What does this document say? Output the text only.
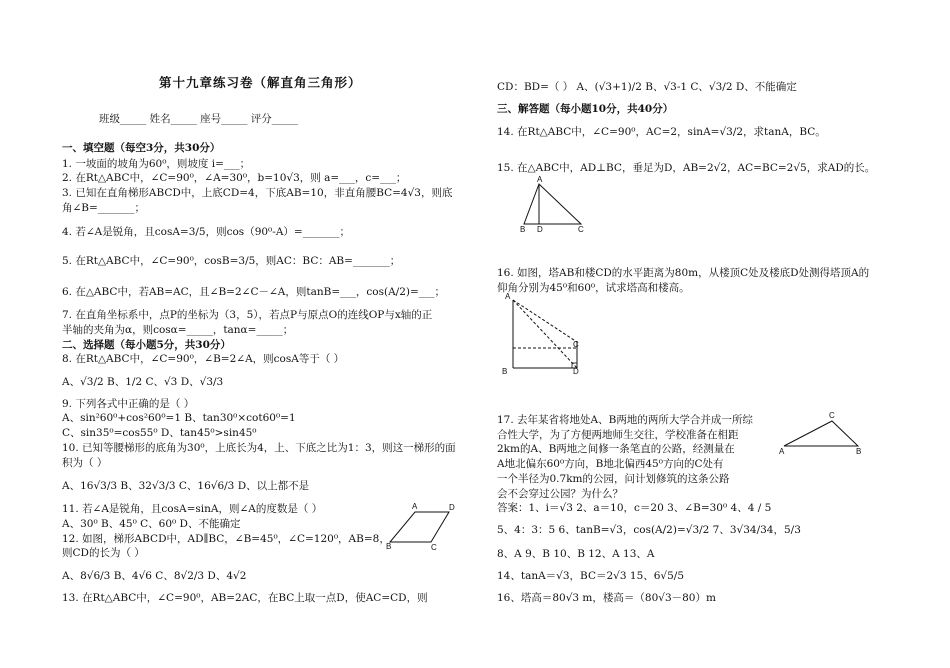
第十九章练习卷（解直角三角形）
班级_____ 姓名_____ 座号_____ 评分_____
一、填空题（每空3分，共30分）
1. 一坡面的坡角为60⁰，则坡度 i=___；
2. 在Rt△ABC中，∠C=90⁰，∠A=30⁰，b=10√3，则 a=___，c=___；
3. 已知在直角梯形ABCD中，上底CD=4，下底AB=10，非直角腰BC=4√3，则底
角∠B=_______；
4. 若∠A是锐角，且cosA=3/5，则cos（90⁰-A）=_______；
5. 在Rt△ABC中，∠C=90⁰，cosB=3/5，则AC：BC：AB=_______；
6. 在△ABC中，若AB=AC，且∠B=2∠C－∠A，则tanB=___，cos(A/2)=___；
7. 在直角坐标系中，点P的坐标为（3，5），若点P与原点O的连线OP与x轴的正
半轴的夹角为α，则cosα=_____，tanα=_____；
二、选择题（每小题5分，共30分）
8. 在Rt△ABC中，∠C=90⁰，∠B=2∠A，则cosA等于（ ）
A、√3/2 B、1/2 C、√3 D、√3/3
9. 下列各式中正确的是（ ）
A、sin²60⁰+cos²60⁰=1 B、tan30⁰×cot60⁰=1
C、sin35⁰=cos55⁰ D、tan45⁰>sin45⁰
10. 已知等腰梯形的底角为30⁰，上底长为4，上、下底之比为1：3，则这一梯形的面
积为（ ）
A、16√3/3 B、32√3/3 C、16√6/3 D、以上都不是
11. 若∠A是锐角，且cosA=sinA，则∠A的度数是（ ）
A、30⁰ B、45⁰ C、60⁰ D、不能确定
12. 如图，梯形ABCD中，AD∥BC，∠B=45⁰，∠C=120⁰，AB=8，
则CD的长为（ ）
A、8√6/3 B、4√6 C、8√2/3 D、4√2
13. 在Rt△ABC中，∠C=90⁰，AB=2AC，在BC上取一点D，使AC=CD，则
CD：BD=（ ） A、(√3+1)/2 B、√3-1 C、√3/2 D、不能确定
三、解答题（每小题10分，共40分）
14. 在Rt△ABC中，∠C=90⁰，AC=2，sinA=√3/2，求tanA，BC。
15. 在△ABC中，AD⊥BC，垂足为D，AB=2√2，AC=BC=2√5，求AD的长。
16. 如图，塔AB和楼CD的水平距离为80m，从楼顶C处及楼底D处测得塔顶A的
仰角分别为45⁰和60⁰，试求塔高和楼高。
17. 去年某省将地处A、B两地的两所大学合并成一所综
合性大学，为了方便两地师生交往，学校准备在相距
2km的A、B两地之间修一条笔直的公路，经测量在
A地北偏东60⁰方向，B地北偏西45⁰方向的C处有
一个半径为0.7km的公园，问计划修筑的这条公路
会不会穿过公园？为什么？
答案：1、i＝√3 2、a＝10，c＝20 3、∠B=30⁰ 4、4 / 5
5、4：3：5 6、tanB=√3，cos(A/2)=√3/2 7、3√34/34，5/3
8、A 9、B 10、B 12、A 13、A
14、tanA＝√3，BC＝2√3 15、6√5/5
16、塔高＝80√3 m，楼高＝（80√3－80）m
A	D
B	C
A
B D	C
A
B
C
D
C
A	B
